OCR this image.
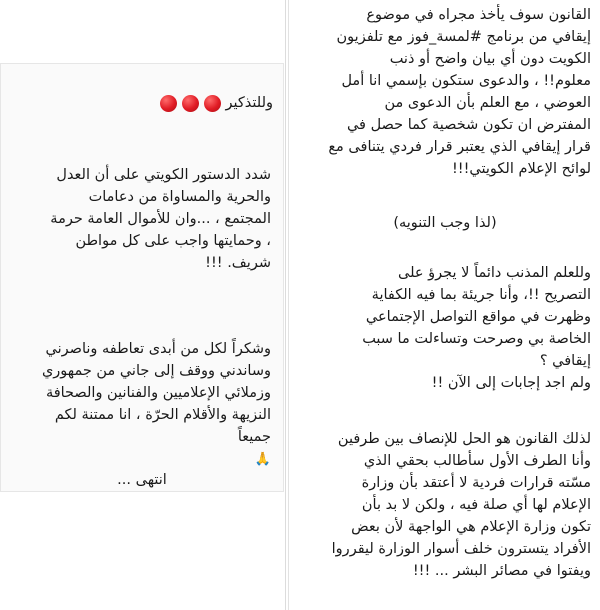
القانون سوف يأخذ مجراه في موضوع
إيقافي من برنامج #لمسة_فوز مع تلفزيون
الكويت دون أي بيان واضح أو ذنب
معلوم!! ، والدعوى ستكون بإسمي انا أمل
العوضي ، مع العلم بأن الدعوى من
المفترض ان تكون شخصية كما حصل في
قرار إيقافي الذي يعتبر قرار فردي يتنافى مع
لوائح الإعلام الكويتي!!!

(لذا وجب التنويه)

وللعلم المذنب دائماً لا يجرؤ على
التصريح !!، وأنا جريئة بما فيه الكفاية
وظهرت في مواقع التواصل الإجتماعي
الخاصة بي وصرحت وتساءلت ما سبب
إيقافي ؟
ولم اجد إجابات إلى الآن !!

لذلك القانون هو الحل للإنصاف بين طرفين
وأنا الطرف الأول سأطالب بحقي الذي
مسّته قرارات فردية لا أعتقد بأن وزارة
الإعلام لها أي صلة فيه ، ولكن لا بد بأن
تكون وزارة الإعلام هي الواجهة لأن بعض
الأفراد يتسترون خلف أسوار الوزارة ليقرروا
ويفتوا في مصائر البشر ... !!!

وللتذكير

شدد الدستور الكويتي على أن العدل
والحرية والمساواة من دعامات
المجتمع ، ...وان للأموال العامة حرمة
، وحمايتها واجب على كل مواطن
شريف. !!!

وشكراً لكل من أبدى تعاطفه وناصرني
وساندني ووقف إلى جاني من جمهوري
وزملائي الإعلاميين والفنانين والصحافة
النزيهة والأقلام الحرّة ، انا ممتنة لكم
جميعاً
🙏

انتهى ...
